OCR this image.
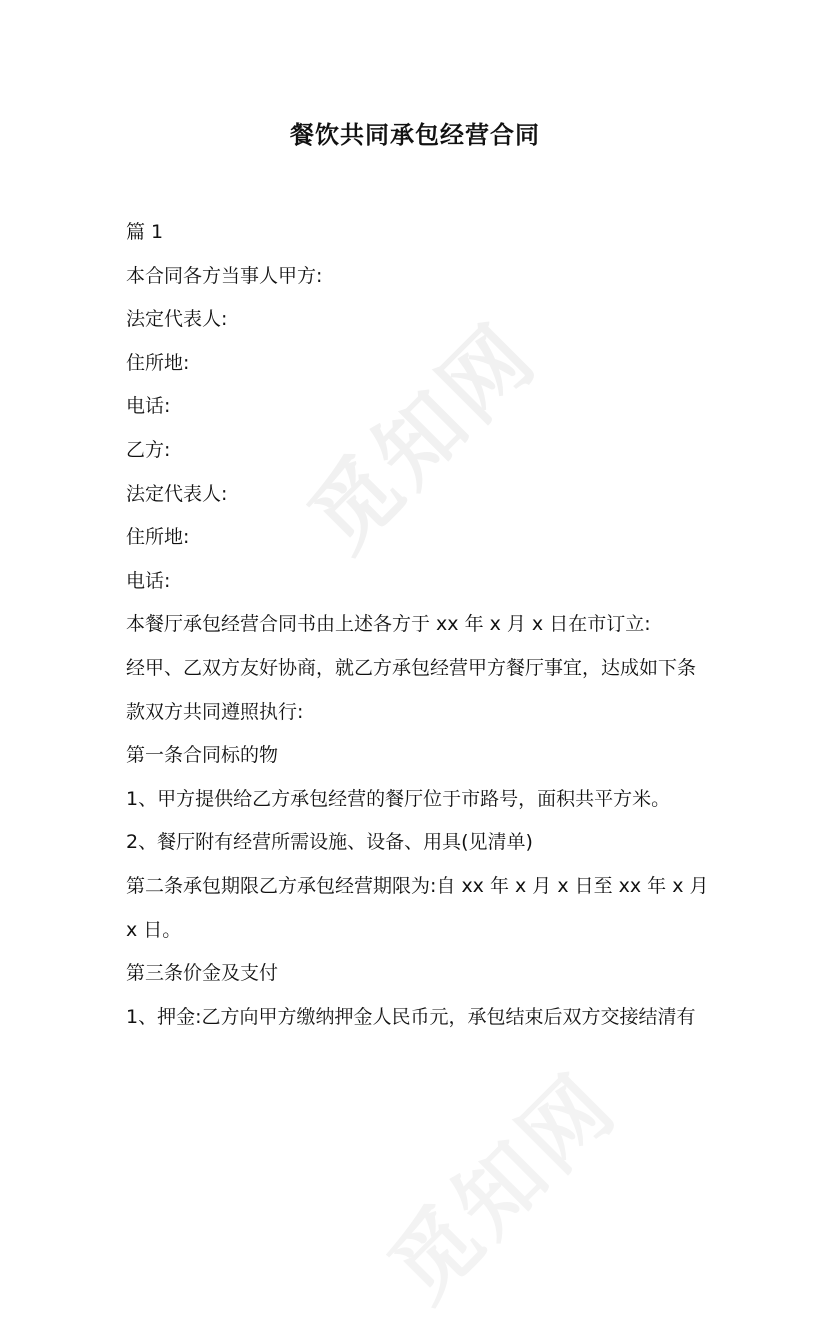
觅知网
觅知网
餐饮共同承包经营合同

篇 1

本合同各方当事人甲方:

法定代表人:

住所地:

电话:

乙方:

法定代表人:

住所地:

电话:

本餐厅承包经营合同书由上述各方于 xx 年 x 月 x 日在市订立:

经甲、乙双方友好协商，就乙方承包经营甲方餐厅事宜，达成如下条

款双方共同遵照执行:

第一条合同标的物

1、甲方提供给乙方承包经营的餐厅位于市路号，面积共平方米。

2、餐厅附有经营所需设施、设备、用具(见清单)

第二条承包期限乙方承包经营期限为:自 xx 年 x 月 x 日至 xx 年 x 月

x 日。

第三条价金及支付

1、押金:乙方向甲方缴纳押金人民币元，承包结束后双方交接结清有
